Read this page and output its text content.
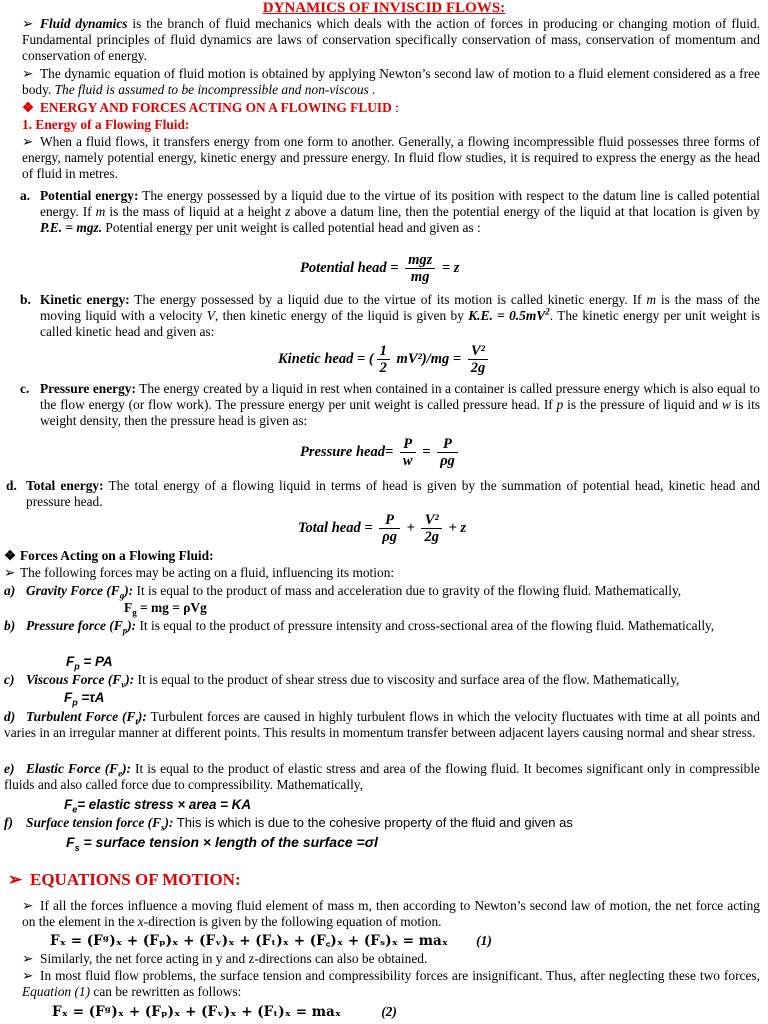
DYNAMICS OF INVISCID FLOWS:
➢ Fluid dynamics is the branch of fluid mechanics which deals with the action of forces in producing or changing motion of fluid. Fundamental principles of fluid dynamics are laws of conservation specifically conservation of mass, conservation of momentum and conservation of energy.
➢ The dynamic equation of fluid motion is obtained by applying Newton’s second law of motion to a fluid element considered as a free body. The fluid is assumed to be incompressible and non-viscous .
❖ ENERGY AND FORCES ACTING ON A FLOWING FLUID :
1. Energy of a Flowing Fluid:
➢ When a fluid flows, it transfers energy from one form to another. Generally, a flowing incompressible fluid possesses three forms of energy, namely potential energy, kinetic energy and pressure energy. In fluid flow studies, it is required to express the energy as the head of fluid in metres.
a. Potential energy: The energy possessed by a liquid due to the virtue of its position with respect to the datum line is called potential energy. If m is the mass of liquid at a height z above a datum line, then the potential energy of the liquid at that location is given by P.E. = mgz. Potential energy per unit weight is called potential head and given as :
Potential head = $\frac{\text{mgz}}{mg} = z$
b. Kinetic energy: The energy possessed by a liquid due to the virtue of its motion is called kinetic energy. If m is the mass of the moving liquid with a velocity V, then kinetic energy of the liquid is given by K.E. = $0.5mV^2$. The kinetic energy per unit weight is called kinetic head and given as:
Kinetic head = ( $\frac{1}{2} mV^2)/mg = \frac{\text{V²}}{2g}$
c. Pressure energy: The energy created by a liquid in rest when contained in a container is called pressure energy which is also equal to the flow energy (or flow work). The pressure energy per unit weight is called pressure head. If p is the pressure of liquid and w is its weight density, then the pressure head is given as:
Pressure head= $\frac{P}{w} = \frac{P}{\rho g}$
d. Total energy: The total energy of a flowing liquid in terms of head is given by the summation of potential head, kinetic head and pressure head.
Total head = $\frac{P}{\rho g} + \frac{\text{V²}}{2g} + z$
❖ Forces Acting on a Flowing Fluid:
➢ The following forces may be acting on a fluid, influencing its motion:
a) Gravity Force $(F_g)$: It is equal to the product of mass and acceleration due to gravity of the flowing fluid. Mathematically,
$F_g$ = mg = ρVg
b) Pressure force $(F_p)$: It is equal to the product of pressure intensity and cross-sectional area of the flowing fluid. Mathematically,
$F_p$ = PA
c) Viscous Force $(F_v)$: It is equal to the product of shear stress due to viscosity and surface area of the flow. Mathematically,
$F_p =\tau A$
d) Turbulent Force $(F_t)$: Turbulent forces are caused in highly turbulent flows in which the velocity fluctuates with time at all points and varies in an irregular manner at different points. This results in momentum transfer between adjacent layers causing normal and shear stress.
e) Elastic Force $(F_e)$: It is equal to the product of elastic stress and area of the flowing fluid. It becomes significant only in compressible fluids and also called force due to compressibility. Mathematically,
$F_e=$ elastic stress × area = KA
f) Surface tension force $(F_s)$: This is which is due to the cohesive property of the fluid and given as
$F_s$ = surface tension × length of the surface =σl
➢ EQUATIONS OF MOTION:
➢ If all the forces influence a moving fluid element of mass m, then according to Newton’s second law of motion, the net force acting on the element in the x-direction is given by the following equation of motion.
Fₓ = (Fᵍ)ₓ + (Fₚ)ₓ + (Fᵥ)ₓ + (Fₜ)ₓ + (F꜀)ₓ + (Fₛ)ₓ = maₓ (1)
➢ Similarly, the net force acting in y and z-directions can also be obtained.
➢ In most fluid flow problems, the surface tension and compressibility forces are insignificant. Thus, after neglecting these two forces, Equation (1) can be rewritten as follows:
Fₓ = (Fᵍ)ₓ + (Fₚ)ₓ + (Fᵥ)ₓ + (Fₜ)ₓ = maₓ	(2)
